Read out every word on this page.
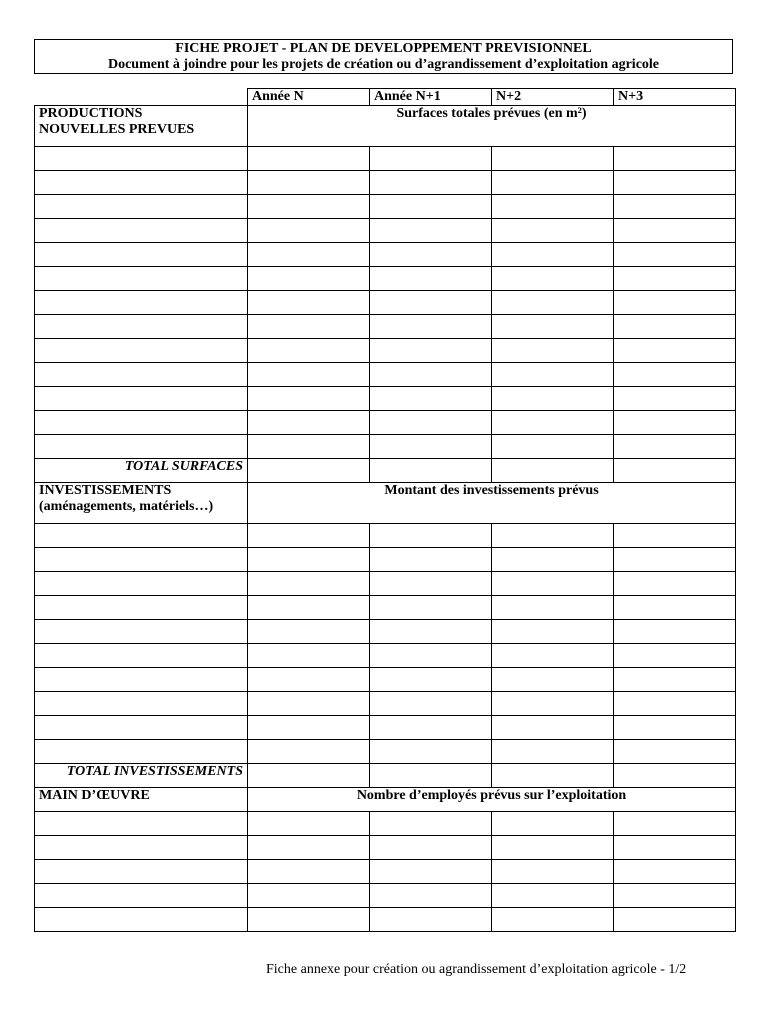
FICHE PROJET - PLAN DE DEVELOPPEMENT PREVISIONNEL
Document à joindre pour les projets de création ou d’agrandissement d’exploitation agricole
	Année N	Année N+1	N+2	N+3

PRODUCTIONS
NOUVELLES PREVUES	Surfaces totales prévues (en m²)			

TOTAL SURFACES				

INVESTISSEMENTS
(aménagements, matériels…)	Montant des investissements prévus			

TOTAL INVESTISSEMENTS				
MAIN D’ŒUVRE	Nombre d’employés prévus sur l’exploitation			

Fiche annexe pour création ou agrandissement d’exploitation agricole - 1/2
